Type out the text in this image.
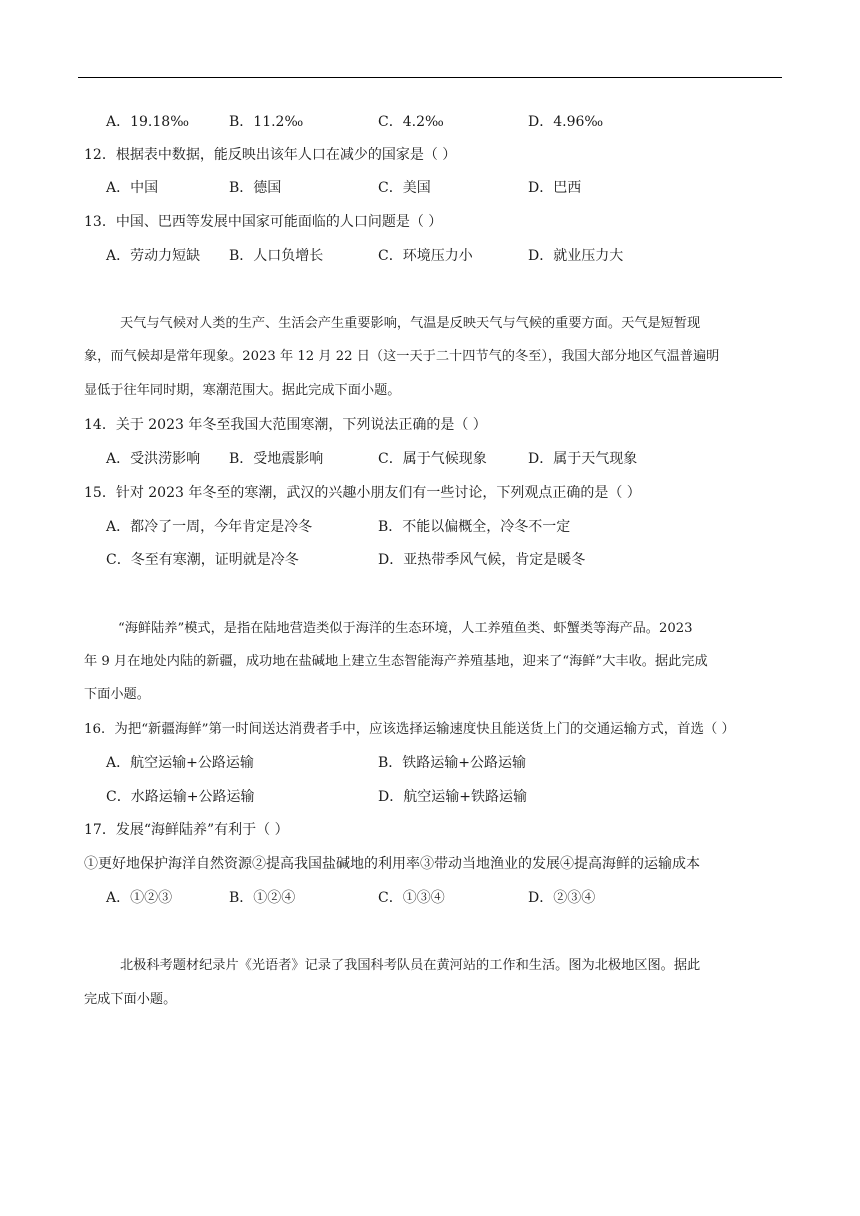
A．19.18‰	B．11.2‰	C．4.2‰	D．4.96‰
12．根据表中数据，能反映出该年人口在减少的国家是（ ）
A．中国	B．德国	C．美国	D．巴西
13．中国、巴西等发展中国家可能面临的人口问题是（ ）
A．劳动力短缺 B．人口负增长	C．环境压力小	D．就业压力大
天气与气候对人类的生产、生活会产生重要影响，气温是反映天气与气候的重要方面。天气是短暂现
象，而气候却是常年现象。2023 年 12 月 22 日（这一天于二十四节气的冬至），我国大部分地区气温普遍明
显低于往年同时期，寒潮范围大。据此完成下面小题。
14．关于 2023 年冬至我国大范围寒潮，下列说法正确的是（ ）
A．受洪涝影响 B．受地震影响	C．属于气候现象	D．属于天气现象
15．针对 2023 年冬至的寒潮，武汉的兴趣小朋友们有一些讨论，下列观点正确的是（ ）
A．都冷了一周，今年肯定是冷冬	B．不能以偏概全，冷冬不一定
C．冬至有寒潮，证明就是冷冬	D．亚热带季风气候，肯定是暖冬
“海鲜陆养”模式，是指在陆地营造类似于海洋的生态环境，人工养殖鱼类、虾蟹类等海产品。2023
年 9 月在地处内陆的新疆，成功地在盐碱地上建立生态智能海产养殖基地，迎来了“海鲜”大丰收。据此完成
下面小题。
16．为把“新疆海鲜”第一时间送达消费者手中，应该选择运输速度快且能送货上门的交通运输方式，首选（ ）
A．航空运输+公路运输	B．铁路运输+公路运输
C．水路运输+公路运输	D．航空运输+铁路运输
17．发展“海鲜陆养”有利于（ ）
①更好地保护海洋自然资源②提高我国盐碱地的利用率③带动当地渔业的发展④提高海鲜的运输成本
A．①②③	B．①②④	C．①③④	D．②③④
北极科考题材纪录片《光语者》记录了我国科考队员在黄河站的工作和生活。图为北极地区图。据此
完成下面小题。
